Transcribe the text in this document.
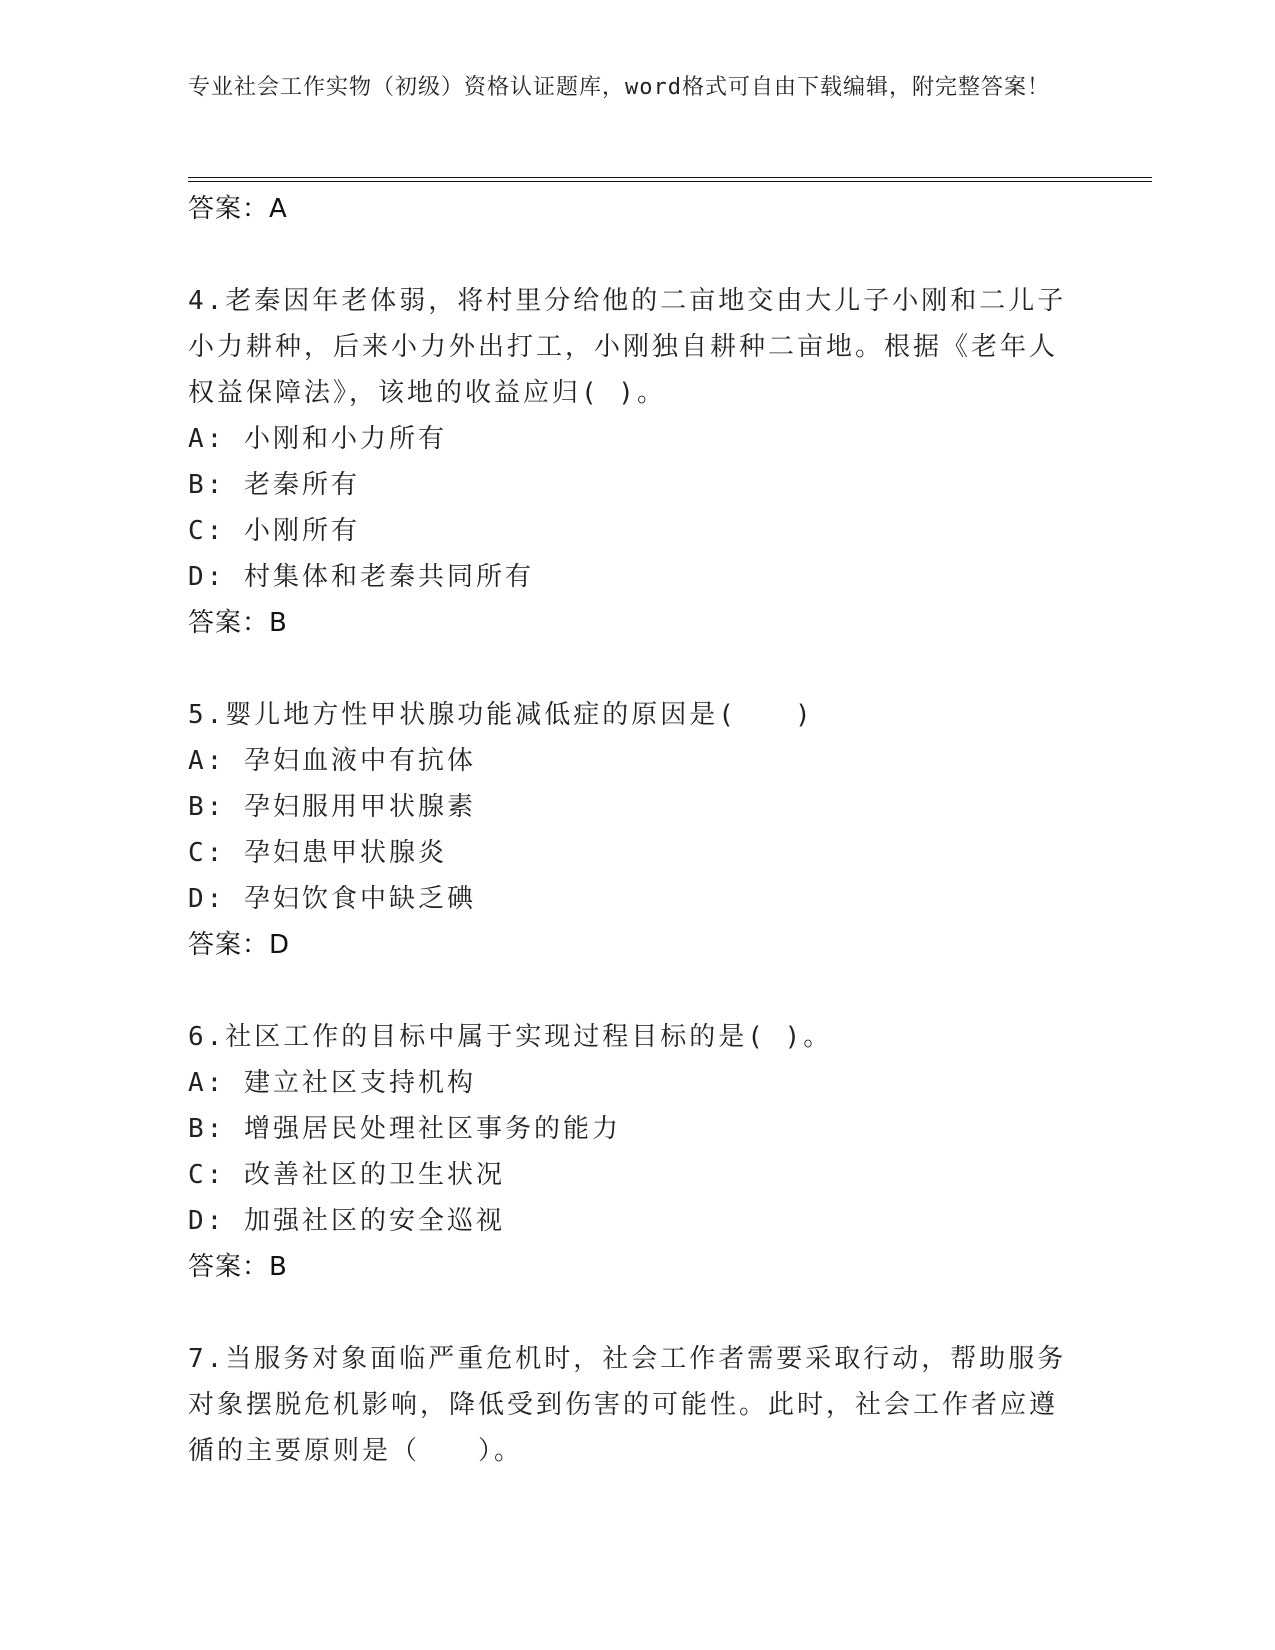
专业社会工作实物（初级）资格认证题库，word格式可自由下载编辑，附完整答案！
答案：A

4.老秦因年老体弱，将村里分给他的二亩地交由大儿子小刚和二儿子小力耕种，后来小力外出打工，小刚独自耕种二亩地。根据《老年人权益保障法》，该地的收益应归( )。

A: 小刚和小力所有
B: 老秦所有
C: 小刚所有
D: 村集体和老秦共同所有
答案：B

5.婴儿地方性甲状腺功能减低症的原因是(　　)

A: 孕妇血液中有抗体
B: 孕妇服用甲状腺素
C: 孕妇患甲状腺炎
D: 孕妇饮食中缺乏碘
答案：D

6.社区工作的目标中属于实现过程目标的是( )。

A: 建立社区支持机构
B: 增强居民处理社区事务的能力
C: 改善社区的卫生状况
D: 加强社区的安全巡视
答案：B

7.当服务对象面临严重危机时，社会工作者需要采取行动，帮助服务对象摆脱危机影响，降低受到伤害的可能性。此时，社会工作者应遵循的主要原则是（　　）。
